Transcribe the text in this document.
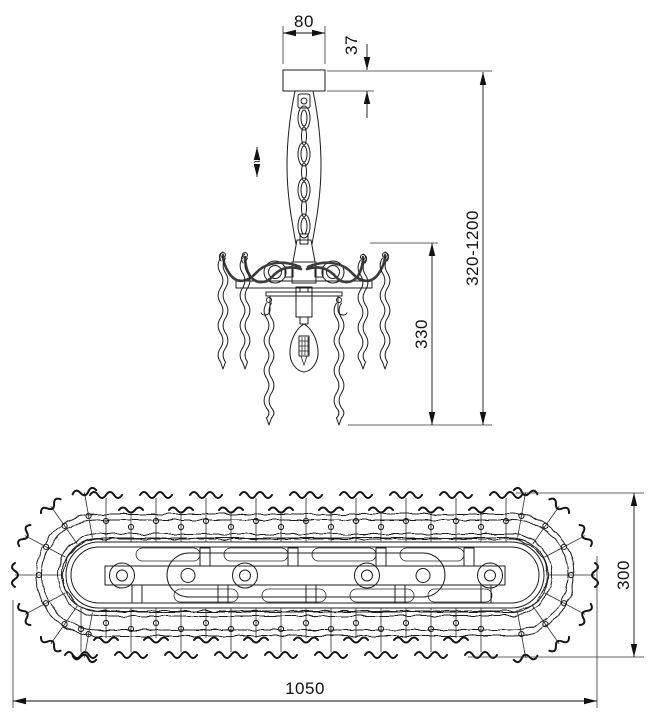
~
80
37
320-1200
330
1050
300
